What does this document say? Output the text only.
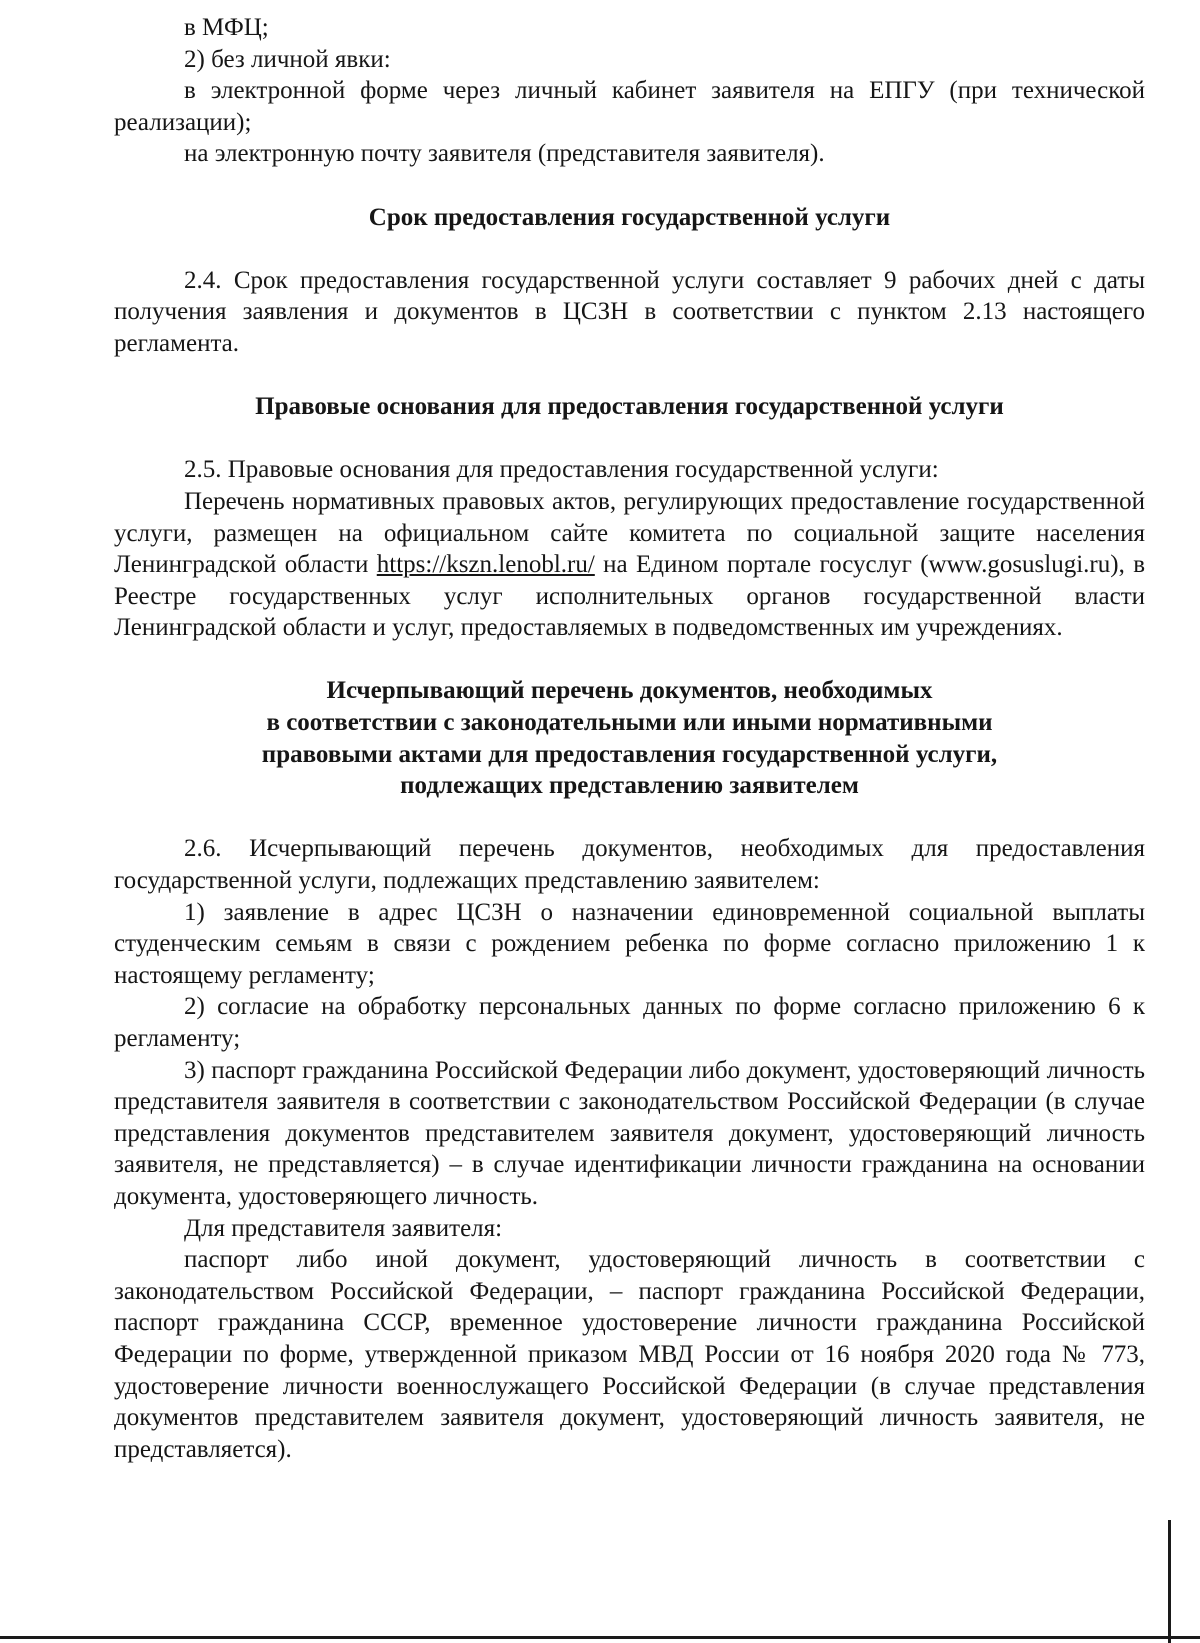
в МФЦ;

2) без личной явки:

в электронной форме через личный кабинет заявителя на ЕПГУ (при технической реализации);

на электронную почту заявителя (представителя заявителя).

Срок предоставления государственной услуги

2.4. Срок предоставления государственной услуги составляет 9 рабочих дней с даты получения заявления и документов в ЦСЗН в соответствии с пунктом 2.13 настоящего регламента.

Правовые основания для предоставления государственной услуги

2.5. Правовые основания для предоставления государственной услуги:

Перечень нормативных правовых актов, регулирующих предоставление государственной услуги, размещен на официальном сайте комитета по социальной защите населения Ленинградской области https://kszn.lenobl.ru/ на Едином портале госуслуг (www.gosuslugi.ru), в Реестре государственных услуг исполнительных органов государственной власти Ленинградской области и услуг, предоставляемых в подведомственных им учреждениях.

Исчерпывающий перечень документов, необходимых
в соответствии с законодательными или иными нормативными
правовыми актами для предоставления государственной услуги,
подлежащих представлению заявителем

2.6. Исчерпывающий перечень документов, необходимых для предоставления государственной услуги, подлежащих представлению заявителем:

1) заявление в адрес ЦСЗН о назначении единовременной социальной выплаты студенческим семьям в связи с рождением ребенка по форме согласно приложению 1 к настоящему регламенту;

2) согласие на обработку персональных данных по форме согласно приложению 6 к регламенту;

3) паспорт гражданина Российской Федерации либо документ, удостоверяющий личность представителя заявителя в соответствии с законодательством Российской Федерации (в случае представления документов представителем заявителя документ, удостоверяющий личность заявителя, не представляется) – в случае идентификации личности гражданина на основании документа, удостоверяющего личность.

Для представителя заявителя:

паспорт либо иной документ, удостоверяющий личность в соответствии с законодательством Российской Федерации, – паспорт гражданина Российской Федерации, паспорт гражданина СССР, временное удостоверение личности гражданина Российской Федерации по форме, утвержденной приказом МВД России от 16 ноября 2020 года № 773, удостоверение личности военнослужащего Российской Федерации (в случае представления документов представителем заявителя документ, удостоверяющий личность заявителя, не представляется).
